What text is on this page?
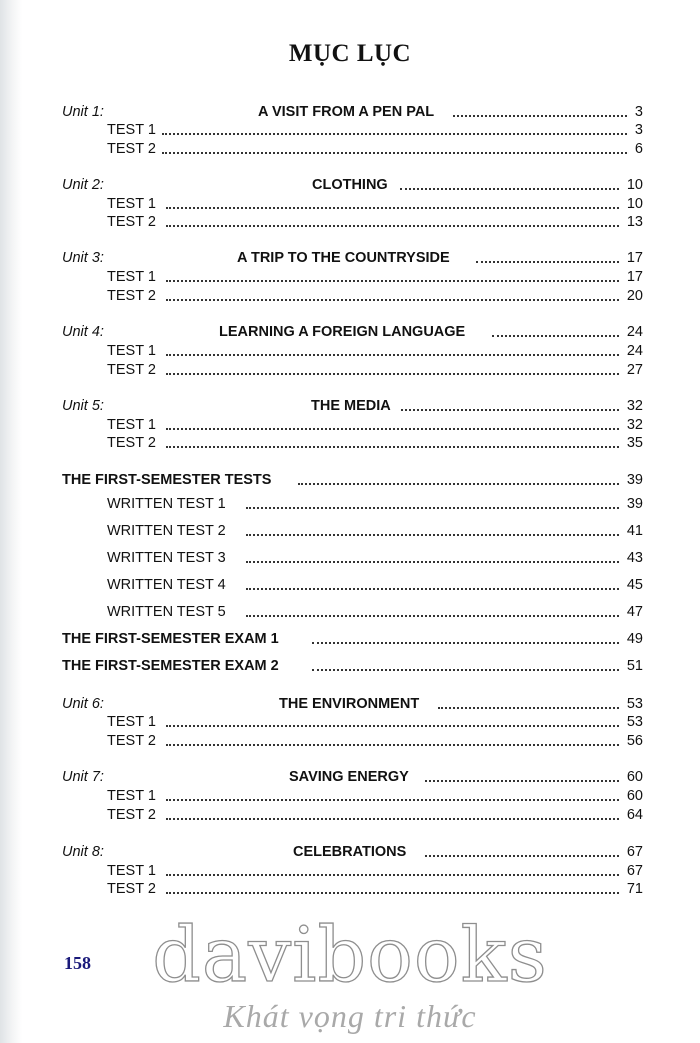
MỤC LỤC
Unit 1:	A VISIT FROM A PEN PAL	3
TEST 1	3
TEST 2	6
Unit 2:	CLOTHING	10
TEST 1	10
TEST 2	13
Unit 3:	A TRIP TO THE COUNTRYSIDE	17
TEST 1	17
TEST 2	20
Unit 4:	LEARNING A FOREIGN LANGUAGE	24
TEST 1	24
TEST 2	27
Unit 5:	THE MEDIA	32
TEST 1	32
TEST 2	35
THE FIRST-SEMESTER TESTS	39
WRITTEN TEST 1	39
WRITTEN TEST 2	41
WRITTEN TEST 3	43
WRITTEN TEST 4	45
WRITTEN TEST 5	47
THE FIRST-SEMESTER EXAM 1	49
THE FIRST-SEMESTER EXAM 2	51
Unit 6:	THE ENVIRONMENT	53
TEST 1	53
TEST 2	56
Unit 7:	SAVING ENERGY	60
TEST 1	60
TEST 2	64
Unit 8:	CELEBRATIONS	67
TEST 1	67
TEST 2	71
158 davibooks
Khát vọng tri thức
